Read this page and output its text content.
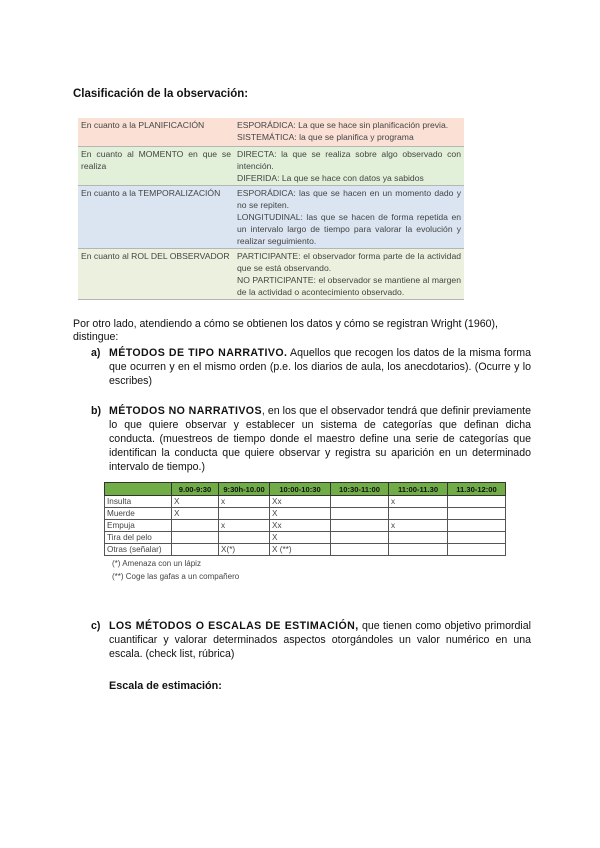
Clasificación de la observación:
En cuanto a la PLANIFICACIÓN	ESPORÁDICA: La que se hace sin planificación previa.
SISTEMÁTICA: la que se planifica y programa

En cuanto al MOMENTO en que se realiza	DIRECTA: la que se realiza sobre algo observado con intención.
DIFERIDA: La que se hace con datos ya sabidos

En cuanto a la TEMPORALIZACIÓN	ESPORÁDICA: las que se hacen en un momento dado y no se repiten.
LONGITUDINAL: las que se hacen de forma repetida en un intervalo largo de tiempo para valorar la evolución y realizar seguimiento.

En cuanto al ROL DEL OBSERVADOR	PARTICIPANTE: el observador forma parte de la actividad que se está observando.
NO PARTICIPANTE: el observador se mantiene al margen de la actividad o acontecimiento observado.
Por otro lado, atendiendo a cómo se obtienen los datos y cómo se registran Wright (1960), distingue:
a) MÉTODOS DE TIPO NARRATIVO. Aquellos que recogen los datos de la misma forma que ocurren y en el mismo orden (p.e. los diarios de aula, los anecdotarios). (Ocurre y lo escribes)
b) MÉTODOS NO NARRATIVOS, en los que el observador tendrá que definir previamente lo que quiere observar y establecer un sistema de categorías que definan dicha conducta. (muestreos de tiempo donde el maestro define una serie de categorías que identifican la conducta que quiere observar y registra su aparición en un determinado intervalo de tiempo.)
	9.00-9:30	9:30h-10.00	10:00-10:30	10:30-11:00	11:00-11.30	11.30-12:00
Insulta	X	x	Xx		x	
Muerde	X		X			
Empuja		x	Xx		x	
Tira del pelo			X			
Otras (señalar)		X(*)	X (**)			
(*) Amenaza con un lápiz
(**) Coge las gafas a un compañero
c) LOS MÉTODOS O ESCALAS DE ESTIMACIÓN, que tienen como objetivo primordial cuantificar y valorar determinados aspectos otorgándoles un valor numérico en una escala. (check list, rúbrica)
Escala de estimación:
